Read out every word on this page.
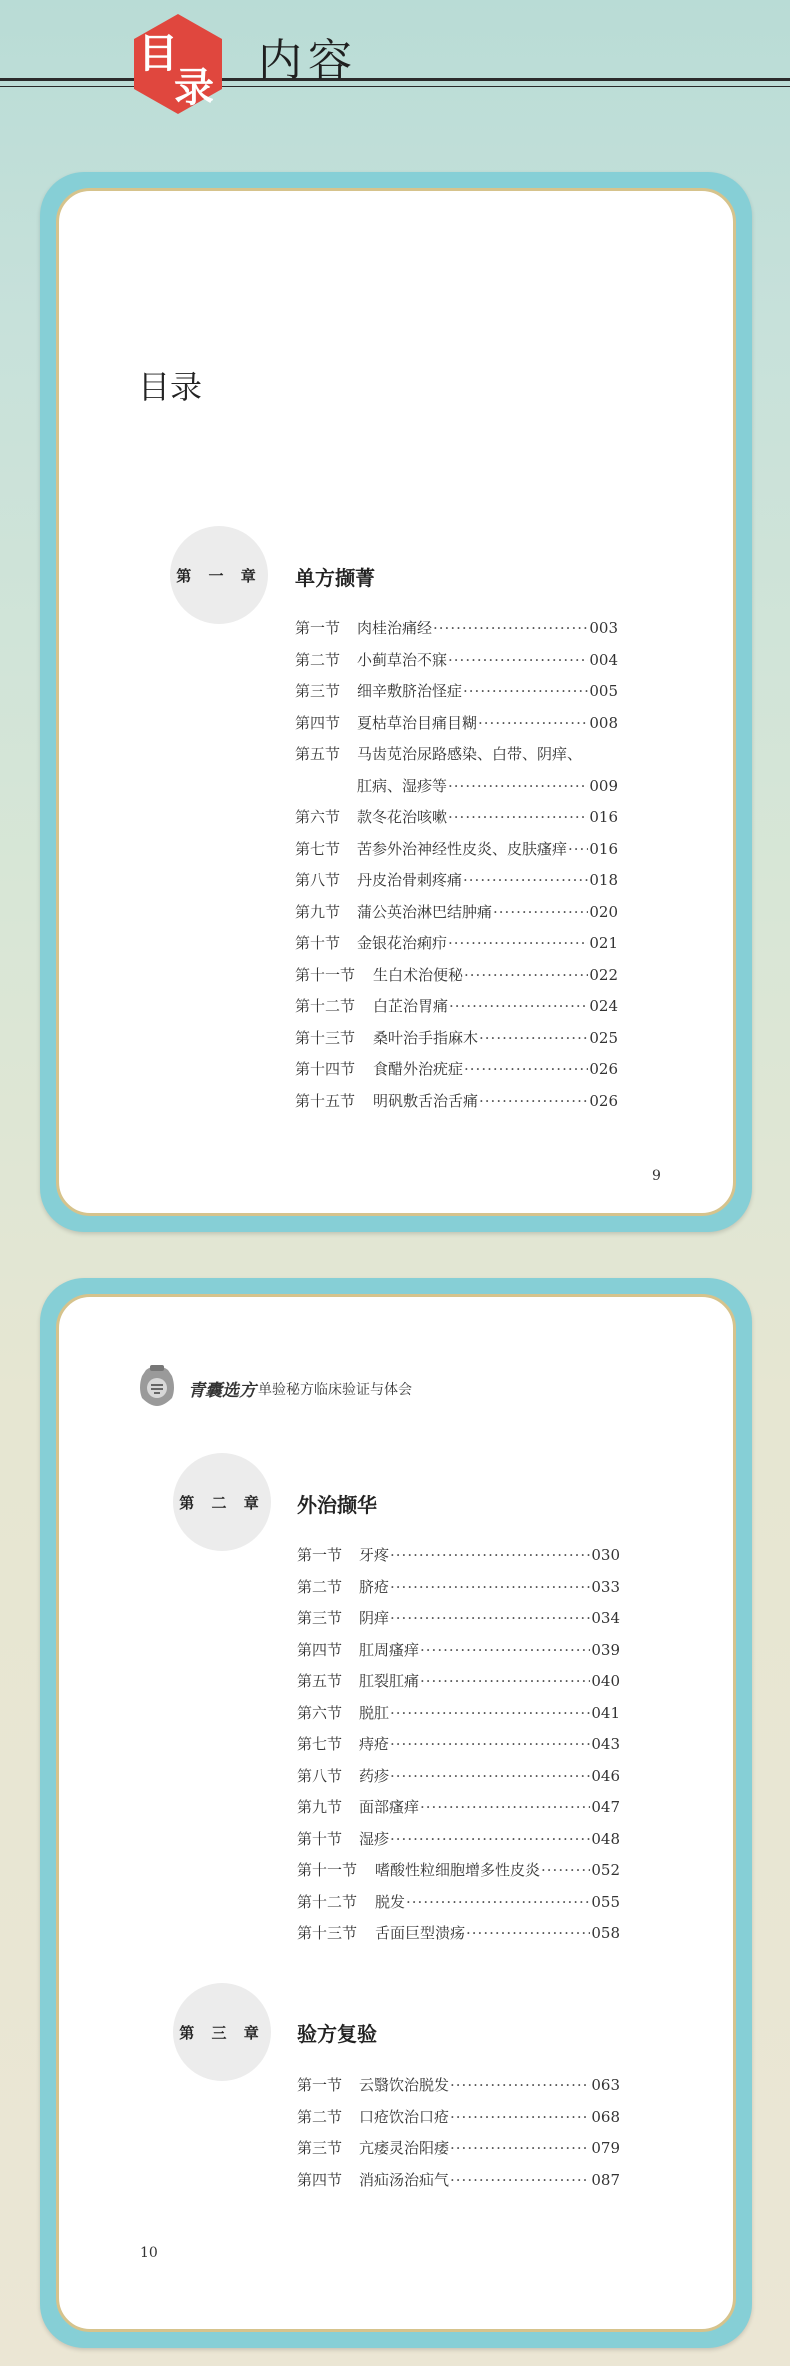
目
录
内容
目录
第 一 章	单方撷菁
第一节	肉桂治痛经 ·····	003
第二节	小蓟草治不寐 ·····	004
第三节	细辛敷脐治怪症 ·····	005
第四节	夏枯草治目痛目糊 ·····	008
第五节 马齿苋治尿路感染、白带、阴痒、
肛病、湿疹等 ·····	009
第六节	款冬花治咳嗽 ·····	016
第七节	苦参外治神经性皮炎、皮肤瘙痒 ····· 016
第八节	丹皮治骨刺疼痛 ·····	018
第九节	蒲公英治淋巴结肿痛 ·····	020
第十节	金银花治痢疖 ·····	021
第十一节	生白术治便秘 ·····	022
第十二节	白芷治胃痛 ·····	024
第十三节	桑叶治手指麻木 ·····	025
第十四节	食醋外治疣症 ·····	026
第十五节	明矾敷舌治舌痛 ·····	026
9
青囊选方 单验秘方临床验证与体会
第 二 章	外治撷华
第一节	牙疼 ·····	030
第二节	脐疮 ·····	033
第三节	阴痒 ·····	034
第四节	肛周瘙痒 ·····	039
第五节	肛裂肛痛 ·····	040
第六节	脱肛 ·····	041
第七节	痔疮 ·····	043
第八节	药疹 ·····	046
第九节	面部瘙痒 ·····	047
第十节	湿疹 ·····	048
第十一节	嗜酸性粒细胞增多性皮炎 ·····	052
第十二节	脱发 ·····	055
第十三节	舌面巨型溃疡 ·····	058
第 三 章	验方复验
第一节	云翳饮治脱发 ·····	063
第二节	口疮饮治口疮 ·····	068
第三节	亢痿灵治阳痿 ·····	079
第四节	消疝汤治疝气 ·····	087
10
